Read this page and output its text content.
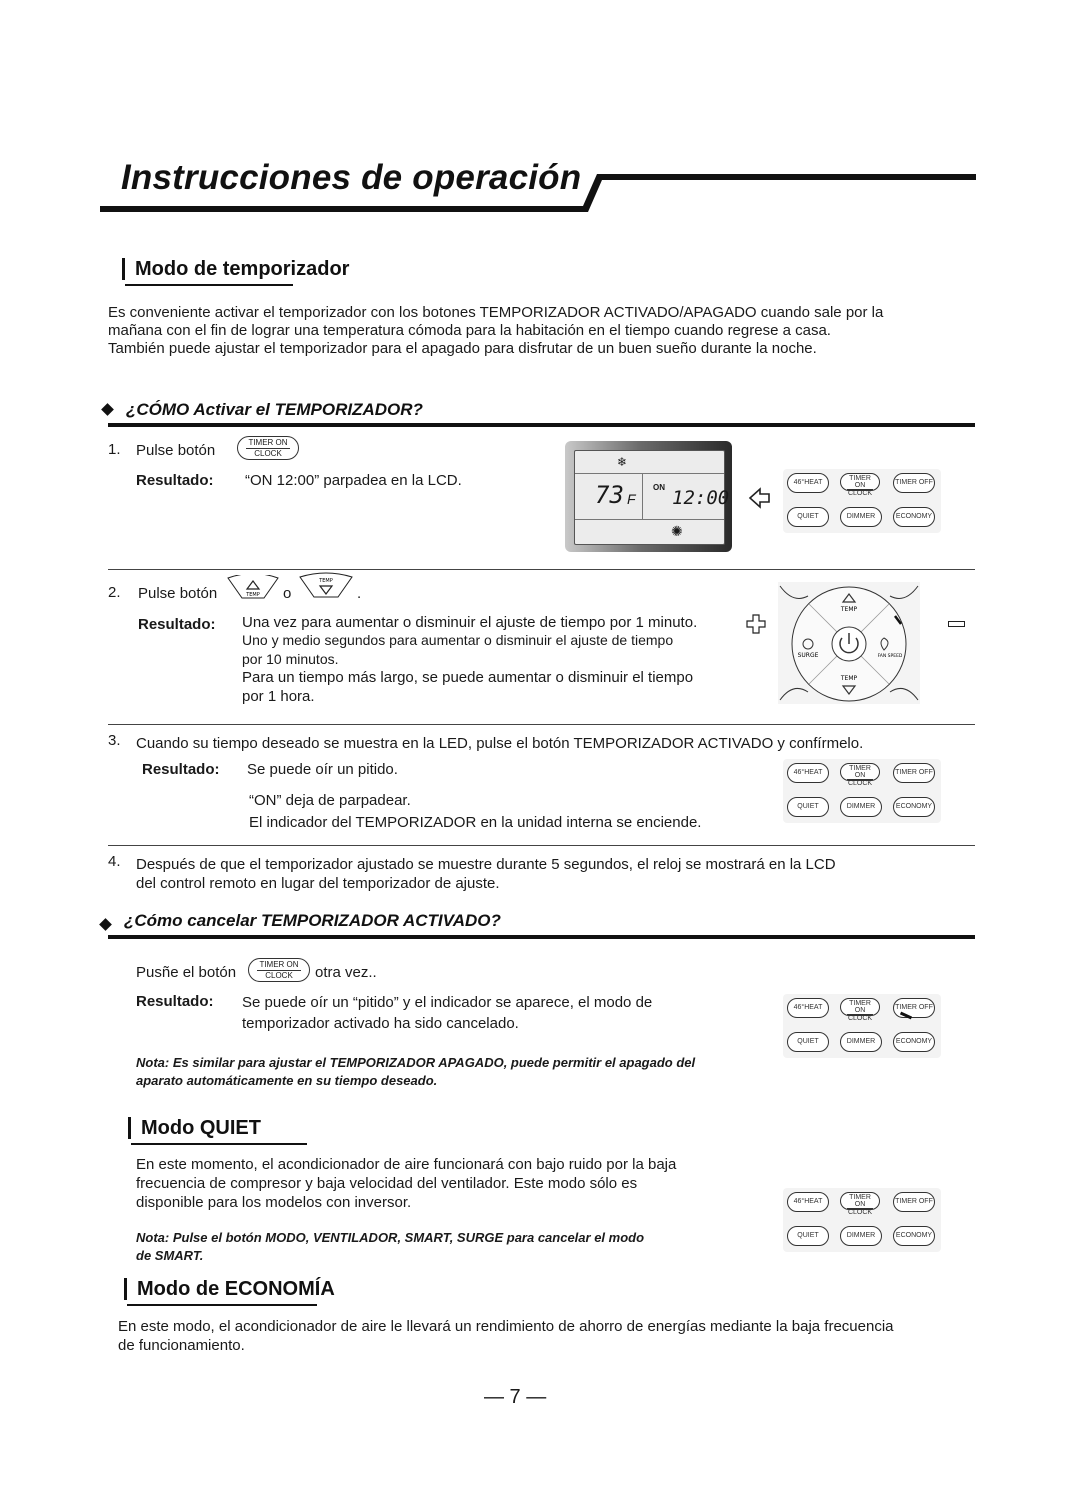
Instrucciones de operación
Modo de temporizador
Es conveniente activar el temporizador con los botones TEMPORIZADOR ACTIVADO/APAGADO cuando sale por la
mañana con el fin de lograr una temperatura cómoda para la habitación en el tiempo cuando regrese a casa.
También puede ajustar el temporizador para el apagado para disfrutar de un buen sueño durante la noche.
¿CÓMO Activar el TEMPORIZADOR?
1. Pulse botón	TIMER ON
CLOCK
Resultado: “ON 12:00” parpadea en la LCD.
❄
73 F
ON 12:00
✺
46°HEAT
TIMER ON
CLOCK
TIMER OFF
QUIET	DIMMER	ECONOMY
2. Pulse botón	TEMP o
TEMP
.
Resultado: Una vez para aumentar o disminuir el ajuste de tiempo por 1 minuto.
Uno y medio segundos para aumentar o disminuir el ajuste de tiempo
por 10 minutos.
Para un tiempo más largo, se puede aumentar o disminuir el tiempo
por 1 hora.
TEMP
TEMP
SURGE	FAN SPEED
3. Cuando su tiempo deseado se muestra en la LED, pulse el botón TEMPORIZADOR ACTIVADO y confírmelo.
Resultado: Se puede oír un pitido.
“ON” deja de parpadear.
El indicador del TEMPORIZADOR en la unidad interna se enciende.
46°HEAT
TIMER ON
CLOCK
TIMER OFF
QUIET	DIMMER	ECONOMY
4. Después de que el temporizador ajustado se muestre durante 5 segundos, el reloj se mostrará en la LCD
del control remoto en lugar del temporizador de ajuste.
¿Cómo cancelar TEMPORIZADOR ACTIVADO?
Pusñe el botón	TIMER ON
CLOCK	otra vez..
Resultado: Se puede oír un “pitido” y el indicador se aparece, el modo de
temporizador activado ha sido cancelado.
Nota: Es similar para ajustar el TEMPORIZADOR APAGADO, puede permitir el apagado del
aparato automáticamente en su tiempo deseado.
46°HEAT
TIMER ON
CLOCK
TIMER OFF
QUIET	DIMMER	ECONOMY
Modo QUIET
En este momento, el acondicionador de aire funcionará con bajo ruido por la baja
frecuencia de compresor y baja velocidad del ventilador. Este modo sólo es
disponible para los modelos con inversor.
Nota: Pulse el botón MODO, VENTILADOR, SMART, SURGE para cancelar el modo
de SMART.
46°HEAT
TIMER ON
CLOCK
TIMER OFF
QUIET	DIMMER	ECONOMY
Modo de ECONOMÍA
En este modo, el acondicionador de aire le llevará un rendimiento de ahorro de energías mediante la baja frecuencia
de funcionamiento.
— 7 —
